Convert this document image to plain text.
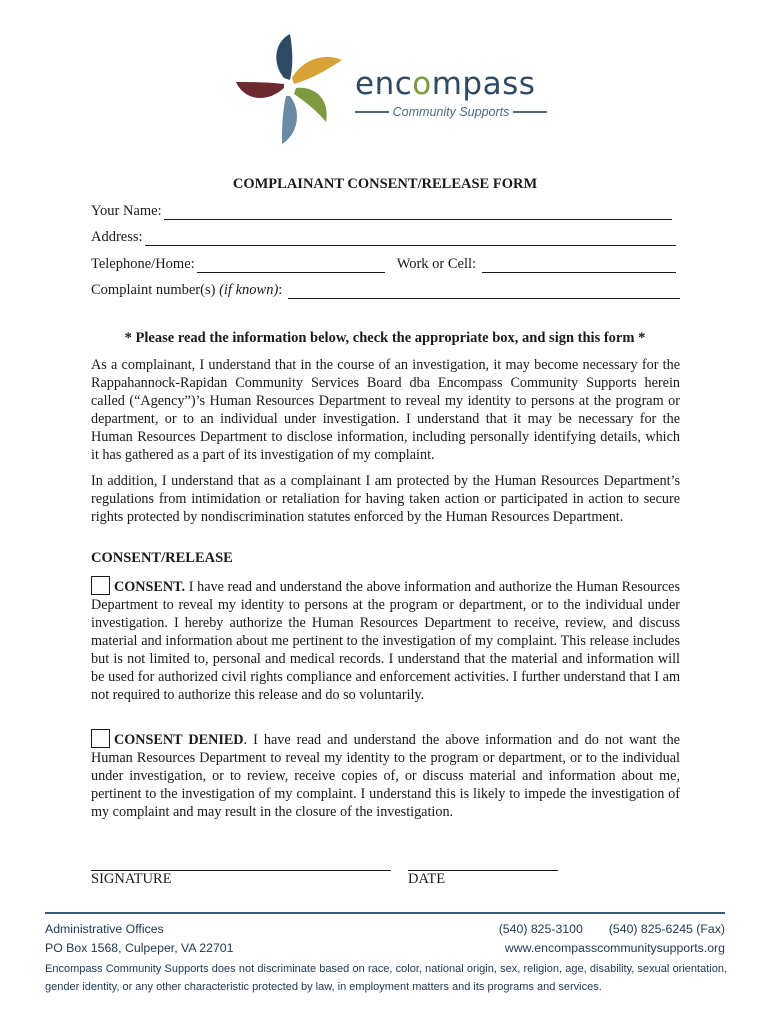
encompass
Community Supports
COMPLAINANT CONSENT/RELEASE FORM
Your Name:
Address:
Telephone/Home:	Work or Cell:
Complaint number(s) (if known):
* Please read the information below, check the appropriate box, and sign this form *

As a complainant, I understand that in the course of an investigation, it may become necessary for the Rappahannock-Rapidan Community Services Board dba Encompass Community Supports herein called (“Agency”)’s Human Resources Department to reveal my identity to persons at the program or department, or to an individual under investigation. I understand that it may be necessary for the Human Resources Department to disclose information, including personally identifying details, which it has gathered as a part of its investigation of my complaint.

In addition, I understand that as a complainant I am protected by the Human Resources Department’s regulations from intimidation or retaliation for having taken action or participated in action to secure rights protected by nondiscrimination statutes enforced by the Human Resources Department.

CONSENT/RELEASE

CONSENT. I have read and understand the above information and authorize the Human Resources Department to reveal my identity to persons at the program or department, or to the individual under investigation. I hereby authorize the Human Resources Department to receive, review, and discuss material and information about me pertinent to the investigation of my complaint. This release includes but is not limited to, personal and medical records. I understand that the material and information will be used for authorized civil rights compliance and enforcement activities. I further understand that I am not required to authorize this release and do so voluntarily.

CONSENT DENIED. I have read and understand the above information and do not want the Human Resources Department to reveal my identity to the program or department, or to the individual under investigation, or to review, receive copies of, or discuss material and information about me, pertinent to the investigation of my complaint. I understand this is likely to impede the investigation of my complaint and may result in the closure of the investigation.

SIGNATURE	DATE
Administrative Offices
PO Box 1568, Culpeper, VA 22701
(540) 825-3100 (540) 825-6245 (Fax)
www.encompasscommunitysupports.org
Encompass Community Supports does not discriminate based on race, color, national origin, sex, religion, age, disability, sexual orientation, gender identity, or any other characteristic protected by law, in employment matters and its programs and services.
